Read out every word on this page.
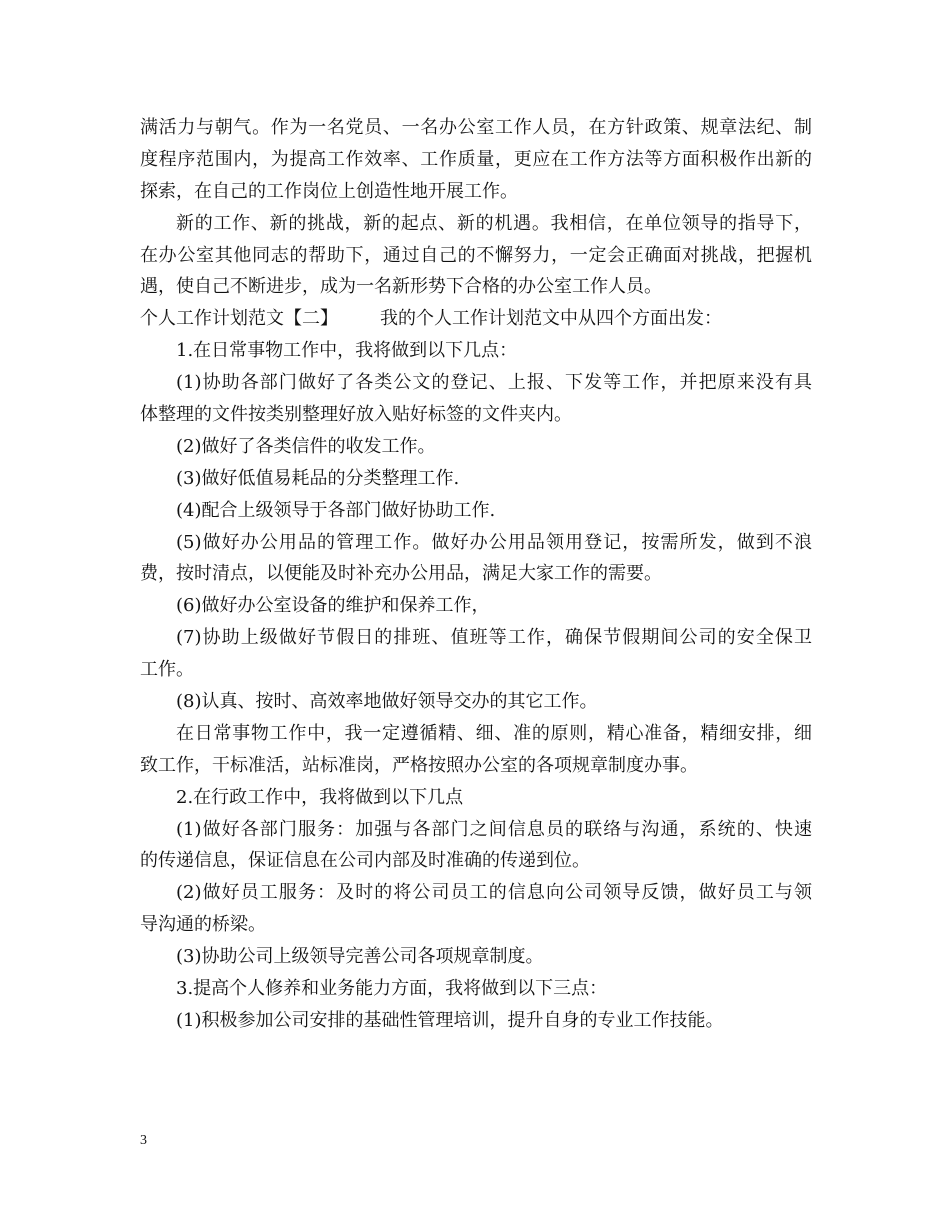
满活力与朝气。作为一名党员、一名办公室工作人员，在方针政策、规章法纪、制
度程序范围内，为提高工作效率、工作质量，更应在工作方法等方面积极作出新的
探索，在自己的工作岗位上创造性地开展工作。
新的工作、新的挑战，新的起点、新的机遇。我相信，在单位领导的指导下，
在办公室其他同志的帮助下，通过自己的不懈努力，一定会正确面对挑战，把握机
遇，使自己不断进步，成为一名新形势下合格的办公室工作人员。
个人工作计划范文【二】 我的个人工作计划范文中从四个方面出发：
1.在日常事物工作中，我将做到以下几点：
(1)协助各部门做好了各类公文的登记、上报、下发等工作，并把原来没有具
体整理的文件按类别整理好放入贴好标签的文件夹内。
(2)做好了各类信件的收发工作。
(3)做好低值易耗品的分类整理工作.
(4)配合上级领导于各部门做好协助工作.
(5)做好办公用品的管理工作。做好办公用品领用登记，按需所发，做到不浪
费，按时清点，以便能及时补充办公用品，满足大家工作的需要。
(6)做好办公室设备的维护和保养工作，
(7)协助上级做好节假日的排班、值班等工作，确保节假期间公司的安全保卫
工作。
(8)认真、按时、高效率地做好领导交办的其它工作。
在日常事物工作中，我一定遵循精、细、准的原则，精心准备，精细安排，细
致工作，干标准活，站标准岗，严格按照办公室的各项规章制度办事。
2.在行政工作中，我将做到以下几点
(1)做好各部门服务：加强与各部门之间信息员的联络与沟通，系统的、快速
的传递信息，保证信息在公司内部及时准确的传递到位。
(2)做好员工服务：及时的将公司员工的信息向公司领导反馈，做好员工与领
导沟通的桥梁。
(3)协助公司上级领导完善公司各项规章制度。
3.提高个人修养和业务能力方面，我将做到以下三点：
(1)积极参加公司安排的基础性管理培训，提升自身的专业工作技能。
3
